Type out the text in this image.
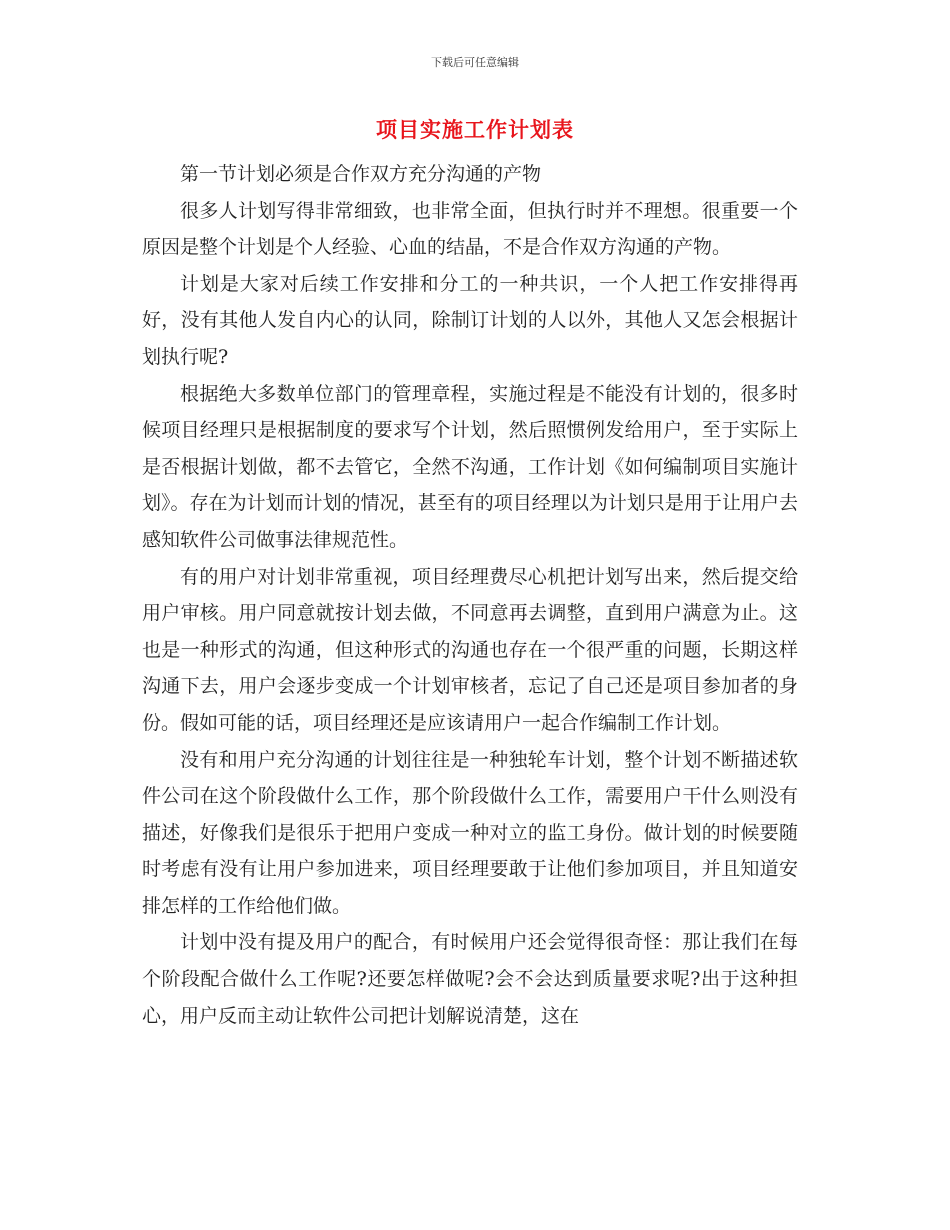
下载后可任意编辑
项目实施工作计划表

第一节计划必须是合作双方充分沟通的产物

很多人计划写得非常细致，也非常全面，但执行时并不理想。很重要一个原因是整个计划是个人经验、心血的结晶，不是合作双方沟通的产物。

计划是大家对后续工作安排和分工的一种共识，一个人把工作安排得再好，没有其他人发自内心的认同，除制订计划的人以外，其他人又怎会根据计划执行呢?

根据绝大多数单位部门的管理章程，实施过程是不能没有计划的，很多时候项目经理只是根据制度的要求写个计划，然后照惯例发给用户，至于实际上是否根据计划做，都不去管它，全然不沟通，工作计划《如何编制项目实施计划》。存在为计划而计划的情况，甚至有的项目经理以为计划只是用于让用户去感知软件公司做事法律规范性。

有的用户对计划非常重视，项目经理费尽心机把计划写出来，然后提交给用户审核。用户同意就按计划去做，不同意再去调整，直到用户满意为止。这也是一种形式的沟通，但这种形式的沟通也存在一个很严重的问题，长期这样沟通下去，用户会逐步变成一个计划审核者，忘记了自己还是项目参加者的身份。假如可能的话，项目经理还是应该请用户一起合作编制工作计划。

没有和用户充分沟通的计划往往是一种独轮车计划，整个计划不断描述软件公司在这个阶段做什么工作，那个阶段做什么工作，需要用户干什么则没有描述，好像我们是很乐于把用户变成一种对立的监工身份。做计划的时候要随时考虑有没有让用户参加进来，项目经理要敢于让他们参加项目，并且知道安排怎样的工作给他们做。

计划中没有提及用户的配合，有时候用户还会觉得很奇怪：那让我们在每个阶段配合做什么工作呢?还要怎样做呢?会不会达到质量要求呢?出于这种担心，用户反而主动让软件公司把计划解说清楚，这在
